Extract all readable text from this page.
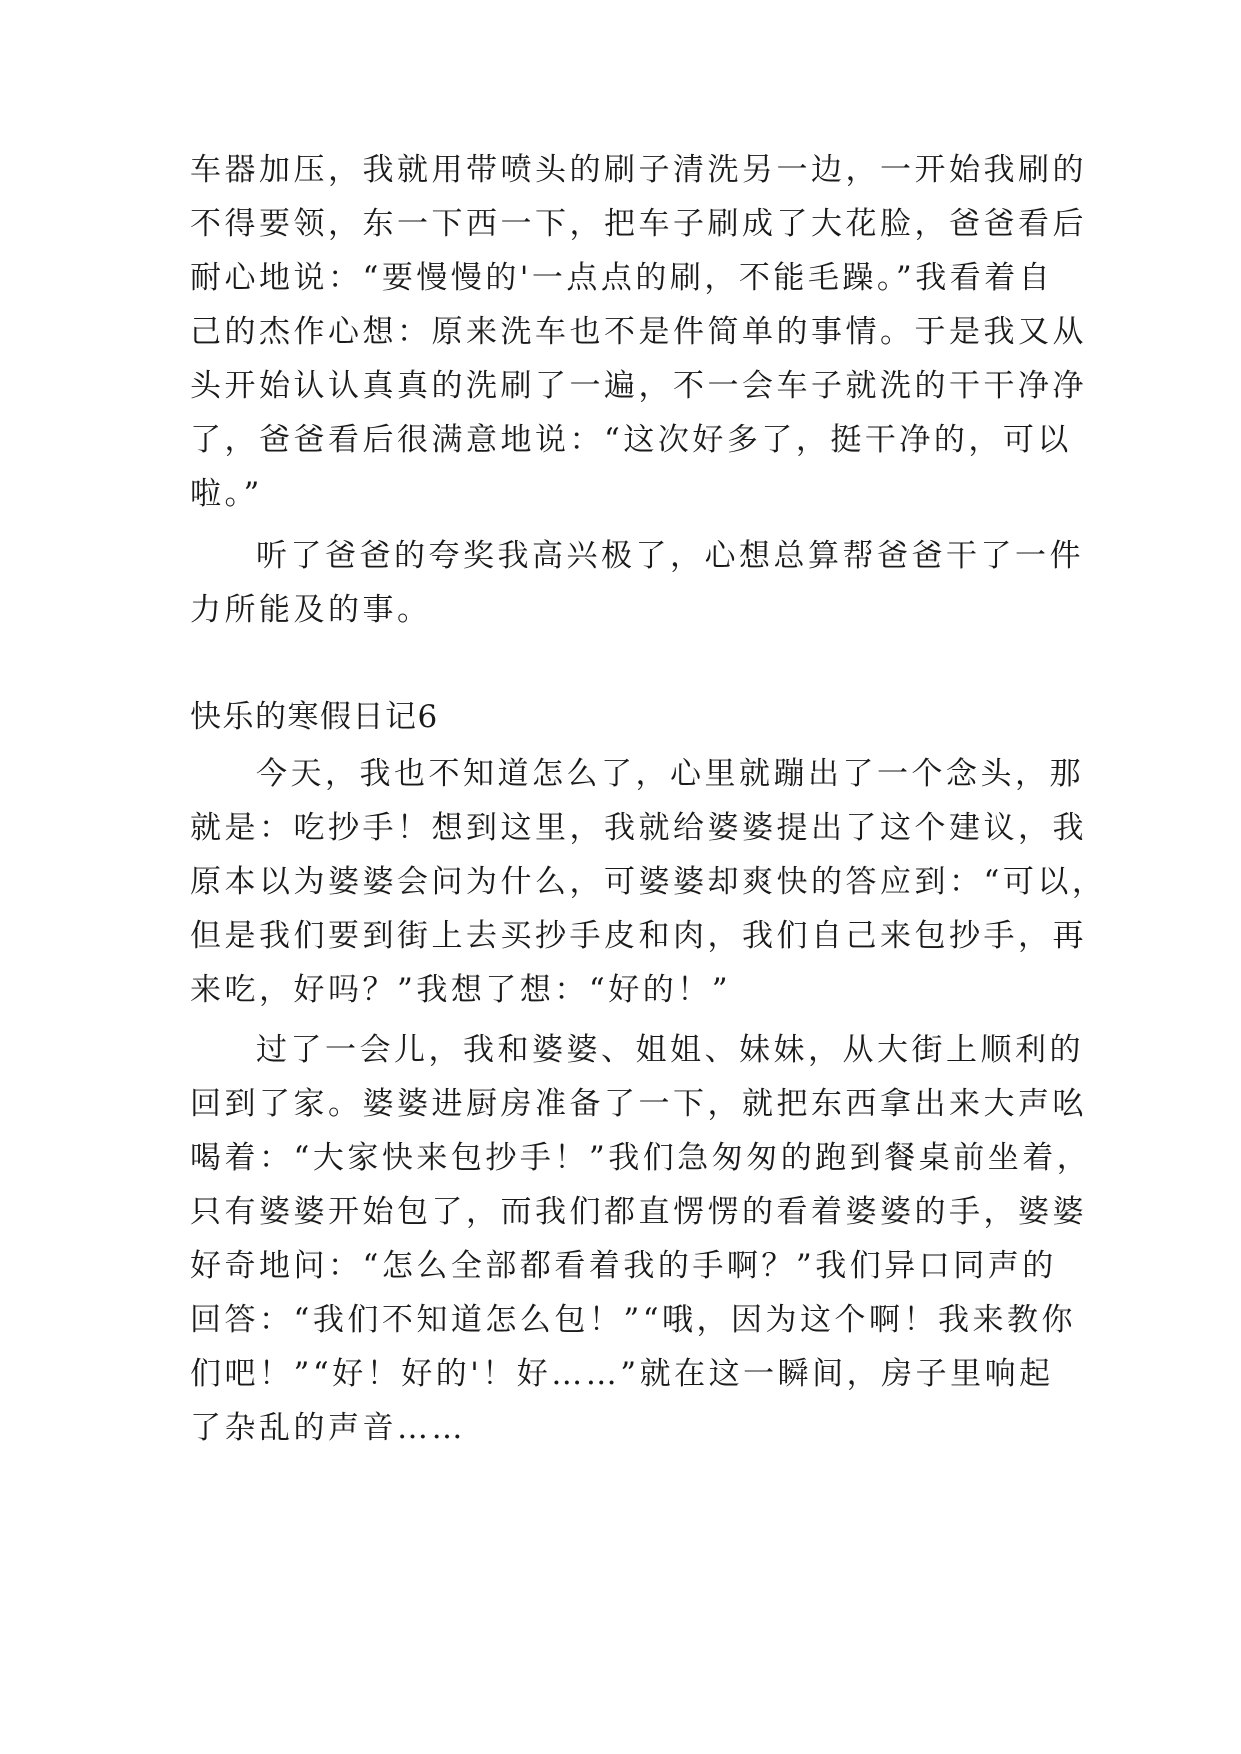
车器加压，我就用带喷头的刷子清洗另一边，一开始我刷的
不得要领，东一下西一下，把车子刷成了大花脸，爸爸看后
耐心地说：“要慢慢的'一点点的刷，不能毛躁。”我看着自
己的杰作心想：原来洗车也不是件简单的事情。于是我又从
头开始认认真真的洗刷了一遍，不一会车子就洗的干干净净
了，爸爸看后很满意地说：“这次好多了，挺干净的，可以
啦。”
听了爸爸的夸奖我高兴极了，心想总算帮爸爸干了一件
力所能及的事。
快乐的寒假日记6
今天，我也不知道怎么了，心里就蹦出了一个念头，那
就是：吃抄手！想到这里，我就给婆婆提出了这个建议，我
原本以为婆婆会问为什么，可婆婆却爽快的答应到：“可以，
但是我们要到街上去买抄手皮和肉，我们自己来包抄手，再
来吃，好吗？”我想了想：“好的！”
过了一会儿，我和婆婆、姐姐、妹妹，从大街上顺利的
回到了家。婆婆进厨房准备了一下，就把东西拿出来大声吆
喝着：“大家快来包抄手！”我们急匆匆的跑到餐桌前坐着，
只有婆婆开始包了，而我们都直愣愣的看着婆婆的手，婆婆
好奇地问：“怎么全部都看着我的手啊？”我们异口同声的
回答：“我们不知道怎么包！”“哦，因为这个啊！我来教你
们吧！”“好！好的'！好……”就在这一瞬间，房子里响起
了杂乱的声音……
